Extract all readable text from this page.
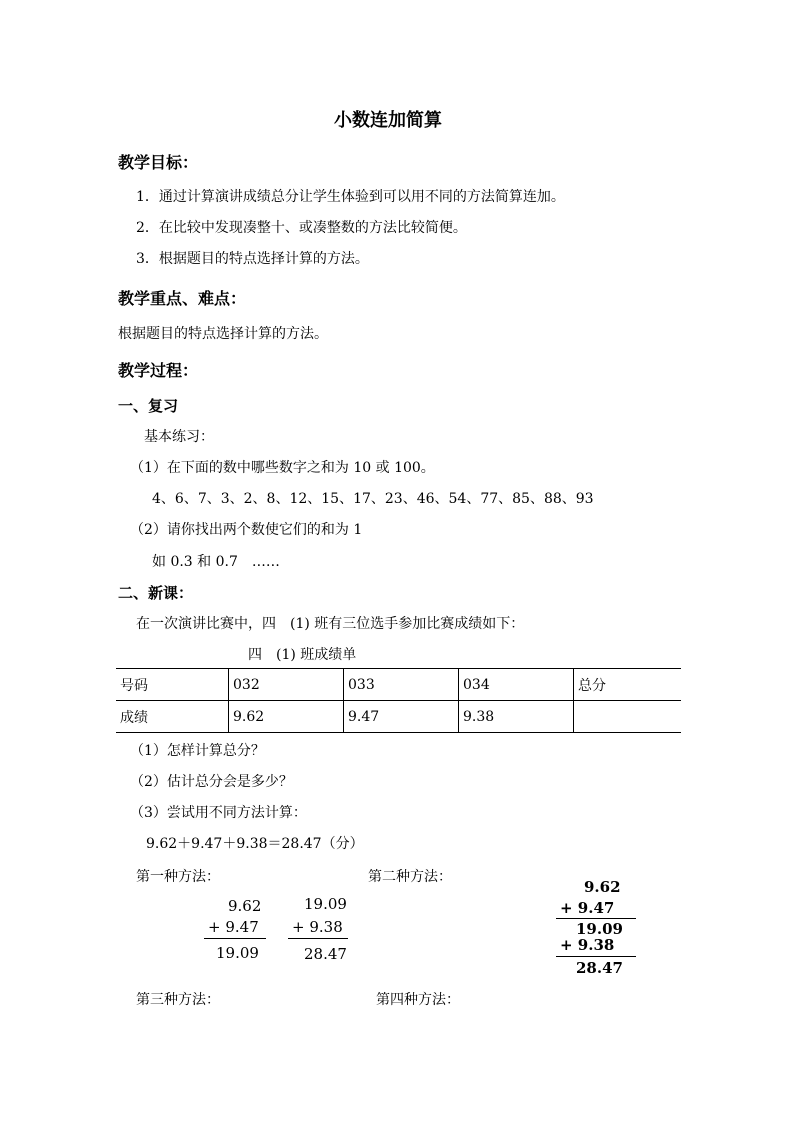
小数连加简算
教学目标：
1．通过计算演讲成绩总分让学生体验到可以用不同的方法简算连加。
2．在比较中发现凑整十、或凑整数的方法比较简便。
3．根据题目的特点选择计算的方法。
教学重点、难点：
根据题目的特点选择计算的方法。
教学过程：
一、复习
基本练习：
（1）在下面的数中哪些数字之和为 10 或 100。
4、6、7、3、2、8、12、15、17、23、46、54、77、85、88、93
（2）请你找出两个数使它们的和为 1
如 0.3 和 0.7　……
二、新课：
在一次演讲比赛中，四　(1) 班有三位选手参加比赛成绩如下：
四　(1) 班成绩单
号码	032	033	034	总分
成绩	9.62	9.47	9.38	
（1）怎样计算总分？
（2）估计总分会是多少？
（3）尝试用不同方法计算：
9.62＋9.47＋9.38＝28.47（分）
第一种方法：	第二种方法：
9.62
+ 9.47
19.09
19.09
+ 9.38
28.47
9.62
+ 9.47
19.09
+ 9.38
28.47
第三种方法：	第四种方法：
